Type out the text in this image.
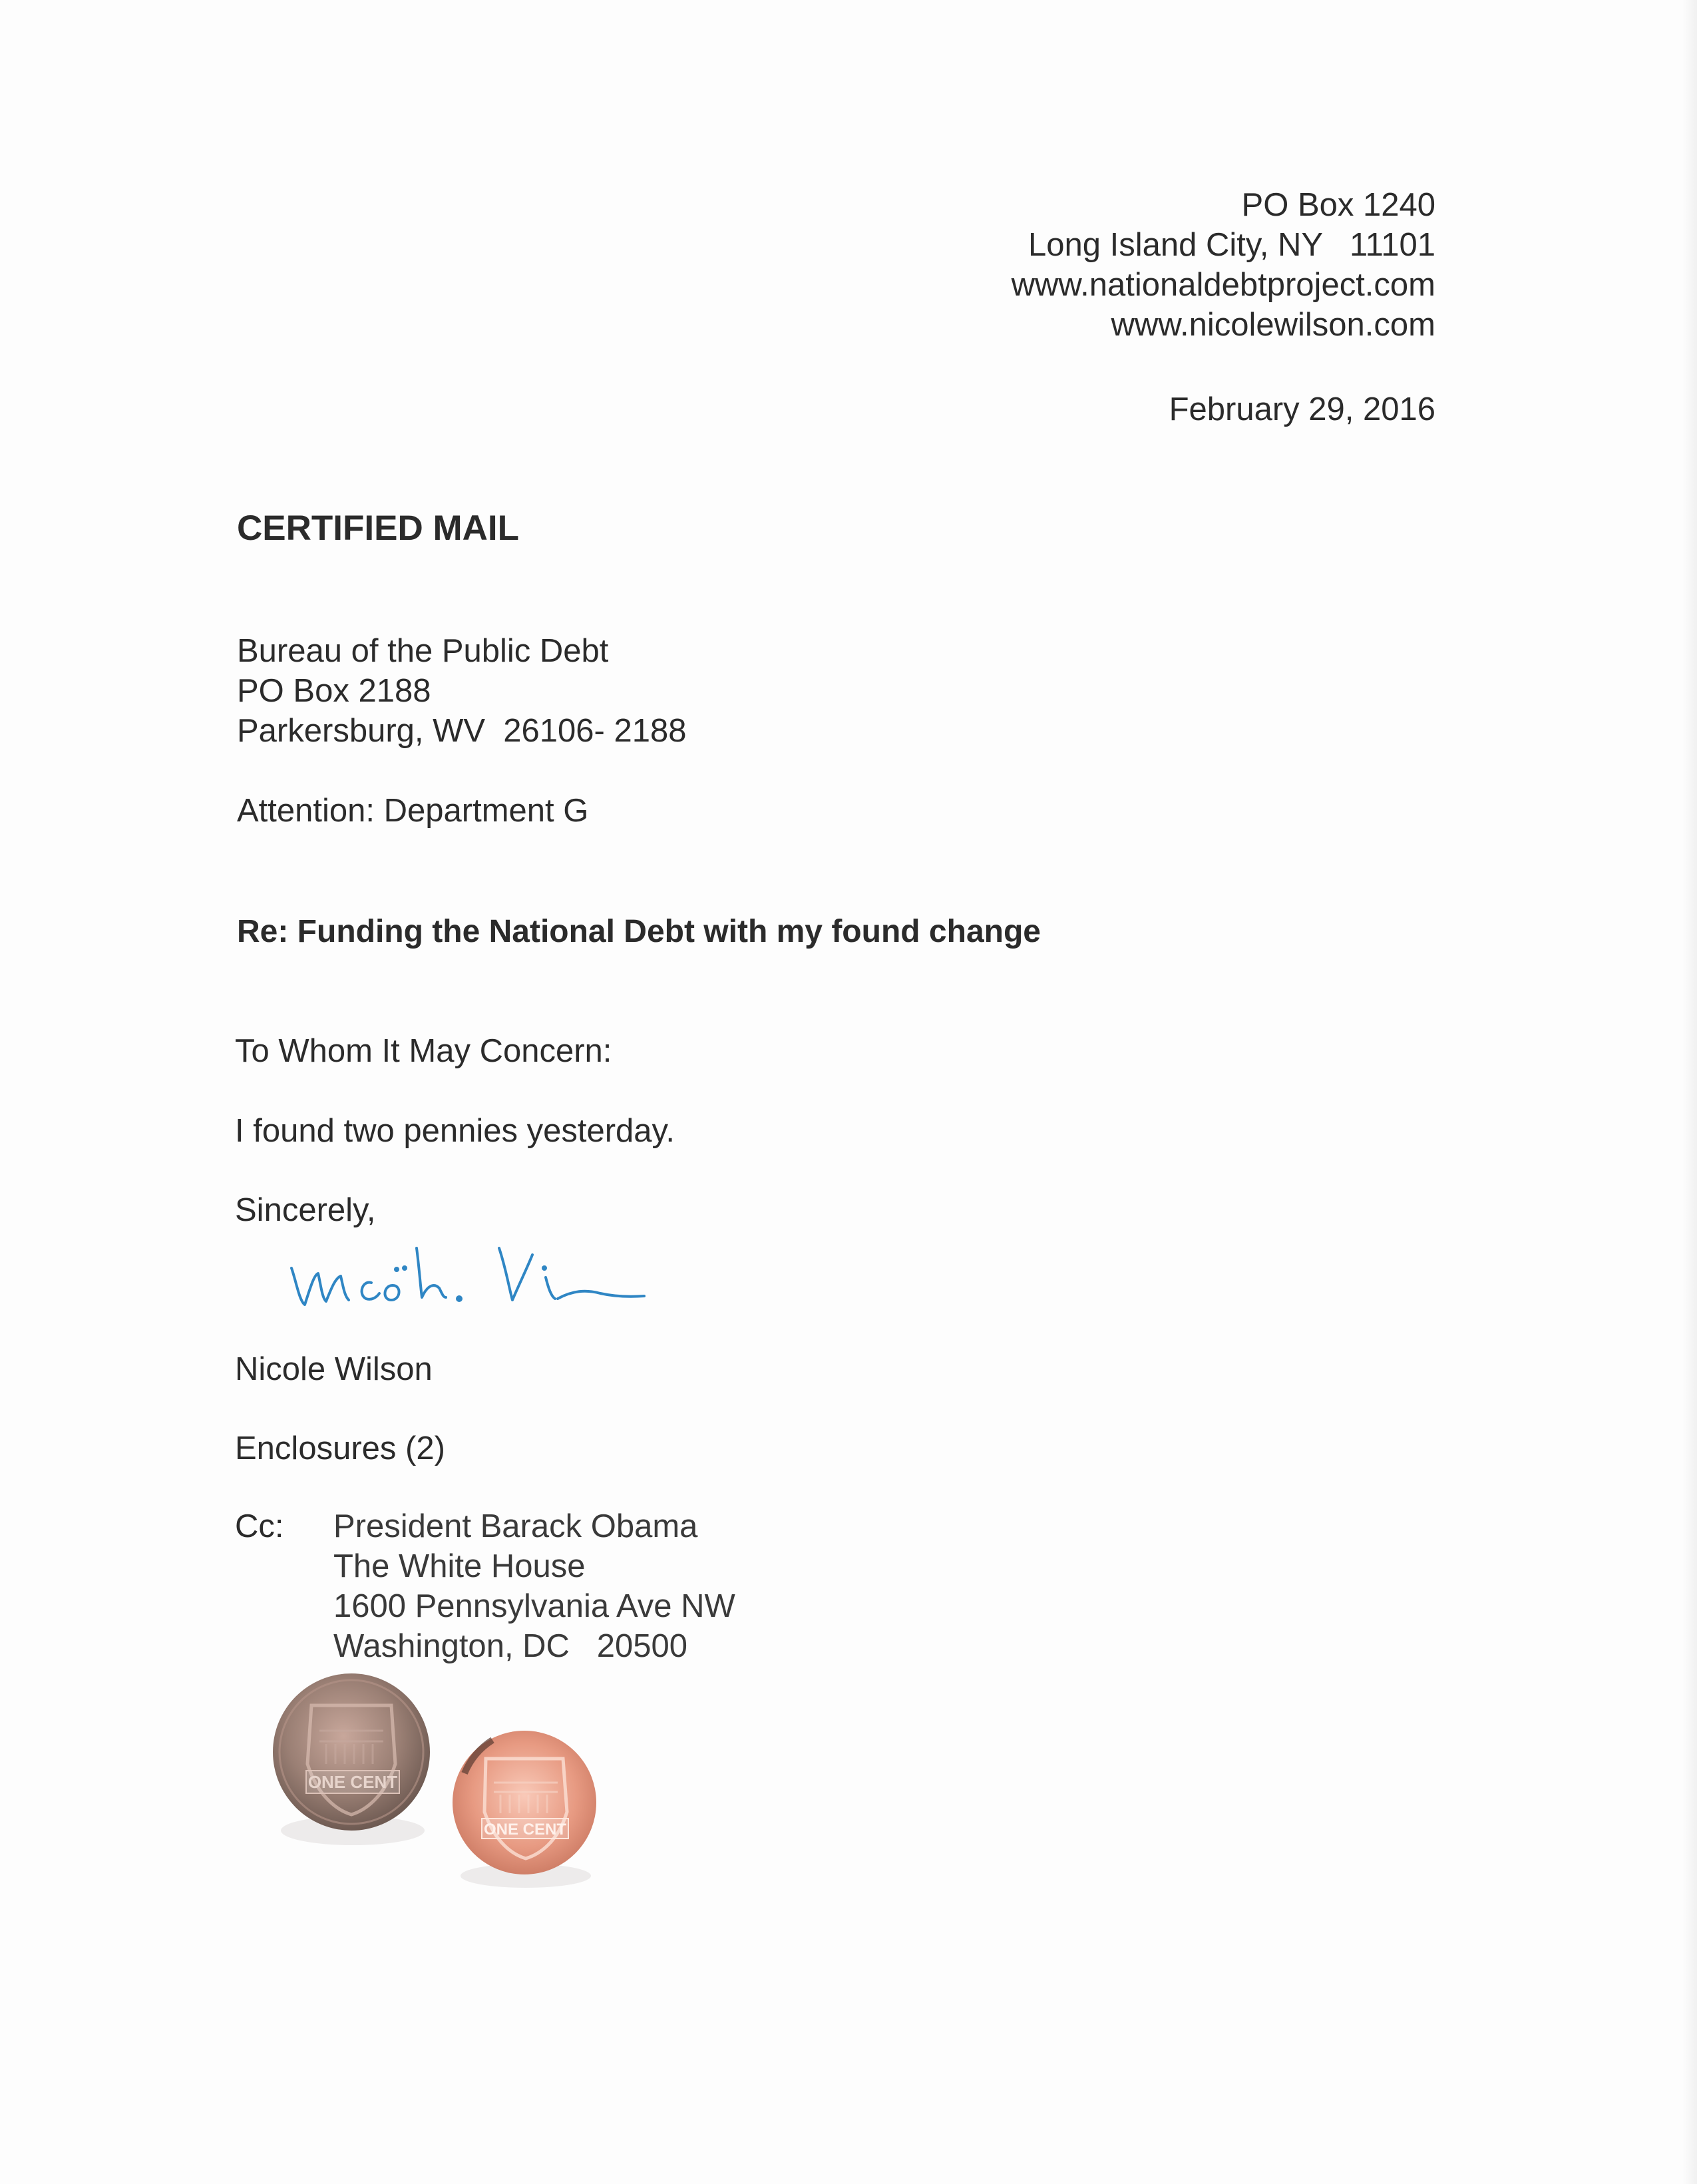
PO Box 1240
Long Island City, NY   11101
www.nationaldebtproject.com
www.nicolewilson.com
February 29, 2016

CERTIFIED MAIL

Bureau of the Public Debt
PO Box 2188
Parkersburg, WV  26106- 2188

Attention: Department G

Re: Funding the National Debt with my found change

To Whom It May Concern:

I found two pennies yesterday.

Sincerely,

Nicole Wilson

Enclosures (2)

Cc: President Barack Obama
The White House
1600 Pennsylvania Ave NW
Washington, DC   20500
ONE CENT
ONE CENT
